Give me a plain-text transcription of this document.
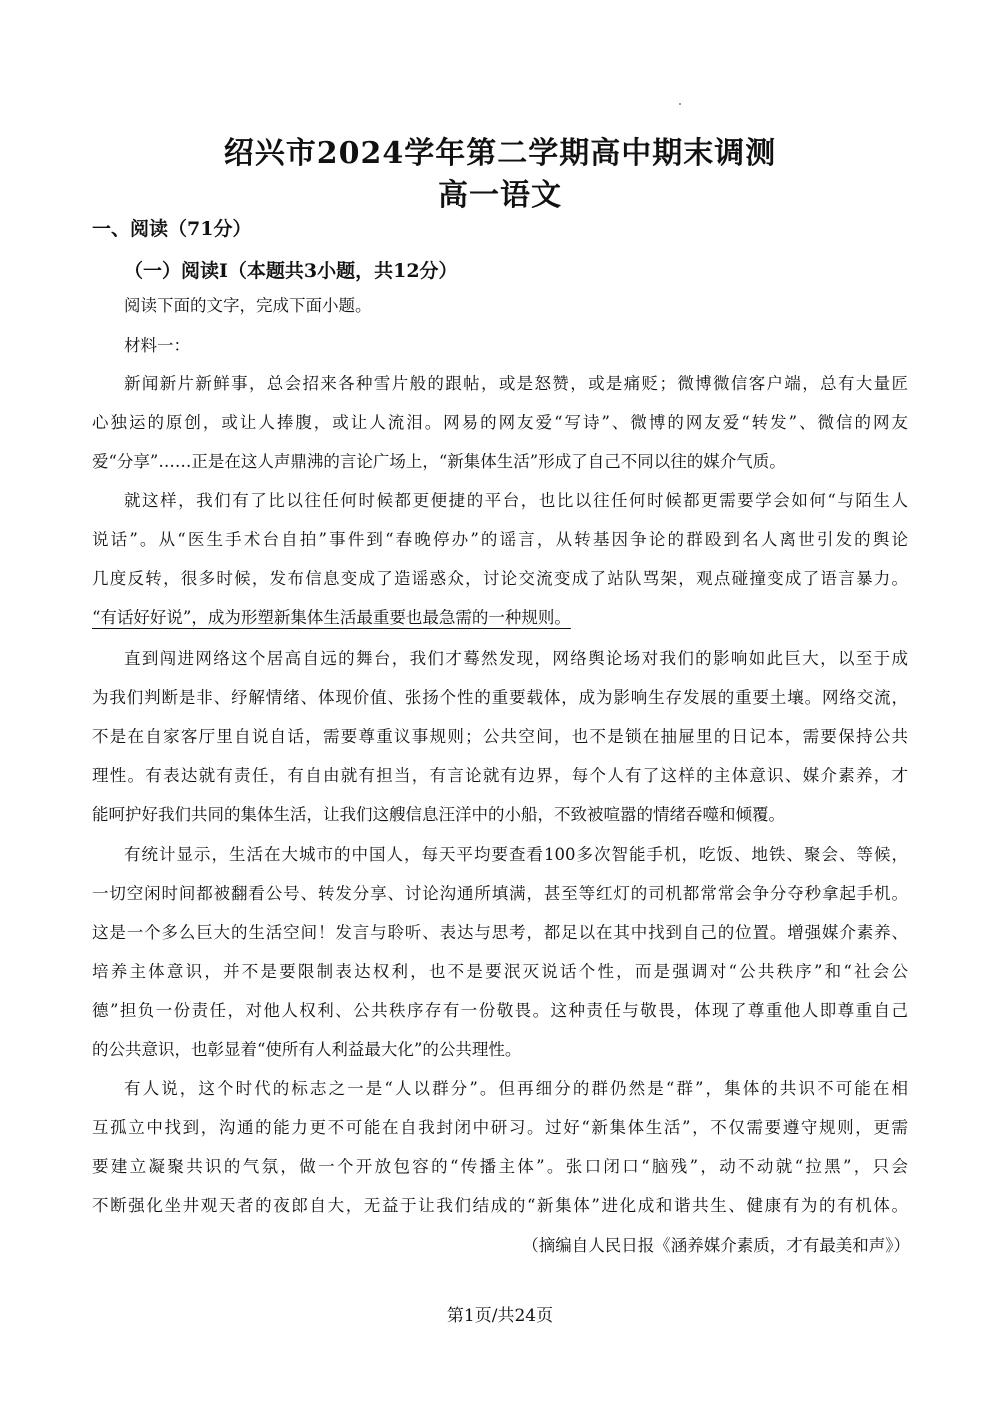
绍兴市2024学年第二学期高中期末调测
高一语文

一、阅读（71分）

（一）阅读Ⅰ（本题共3小题，共12分）

阅读下面的文字，完成下面小题。

材料一：

新闻新片新鲜事，总会招来各种雪片般的跟帖，或是怒赞，或是痛贬；微博微信客户端，总有大量匠

心独运的原创，或让人捧腹，或让人流泪。网易的网友爱“写诗”、微博的网友爱“转发”、微信的网友

爱“分享”……正是在这人声鼎沸的言论广场上，“新集体生活”形成了自己不同以往的媒介气质。

就这样，我们有了比以往任何时候都更便捷的平台，也比以往任何时候都更需要学会如何“与陌生人

说话”。从“医生手术台自拍”事件到“春晚停办”的谣言，从转基因争论的群殴到名人离世引发的舆论

几度反转，很多时候，发布信息变成了造谣惑众，讨论交流变成了站队骂架，观点碰撞变成了语言暴力。

“有话好好说”，成为形塑新集体生活最重要也最急需的一种规则。

直到闯进网络这个居高自远的舞台，我们才蓦然发现，网络舆论场对我们的影响如此巨大，以至于成

为我们判断是非、纾解情绪、体现价值、张扬个性的重要载体，成为影响生存发展的重要土壤。网络交流，

不是在自家客厅里自说自话，需要尊重议事规则；公共空间，也不是锁在抽屉里的日记本，需要保持公共

理性。有表达就有责任，有自由就有担当，有言论就有边界，每个人有了这样的主体意识、媒介素养，才

能呵护好我们共同的集体生活，让我们这艘信息汪洋中的小船，不致被喧嚣的情绪吞噬和倾覆。

有统计显示，生活在大城市的中国人，每天平均要查看100多次智能手机，吃饭、地铁、聚会、等候，

一切空闲时间都被翻看公号、转发分享、讨论沟通所填满，甚至等红灯的司机都常常会争分夺秒拿起手机。

这是一个多么巨大的生活空间！发言与聆听、表达与思考，都足以在其中找到自己的位置。增强媒介素养、

培养主体意识，并不是要限制表达权利，也不是要泯灭说话个性，而是强调对“公共秩序”和“社会公

德”担负一份责任，对他人权利、公共秩序存有一份敬畏。这种责任与敬畏，体现了尊重他人即尊重自己

的公共意识，也彰显着“使所有人利益最大化”的公共理性。

有人说，这个时代的标志之一是“人以群分”。但再细分的群仍然是“群”，集体的共识不可能在相

互孤立中找到，沟通的能力更不可能在自我封闭中研习。过好“新集体生活”，不仅需要遵守规则，更需

要建立凝聚共识的气氛，做一个开放包容的“传播主体”。张口闭口“脑残”，动不动就“拉黑”，只会

不断强化坐井观天者的夜郎自大，无益于让我们结成的“新集体”进化成和谐共生、健康有为的有机体。

（摘编自人民日报《涵养媒介素质，才有最美和声》）

第1页/共24页
